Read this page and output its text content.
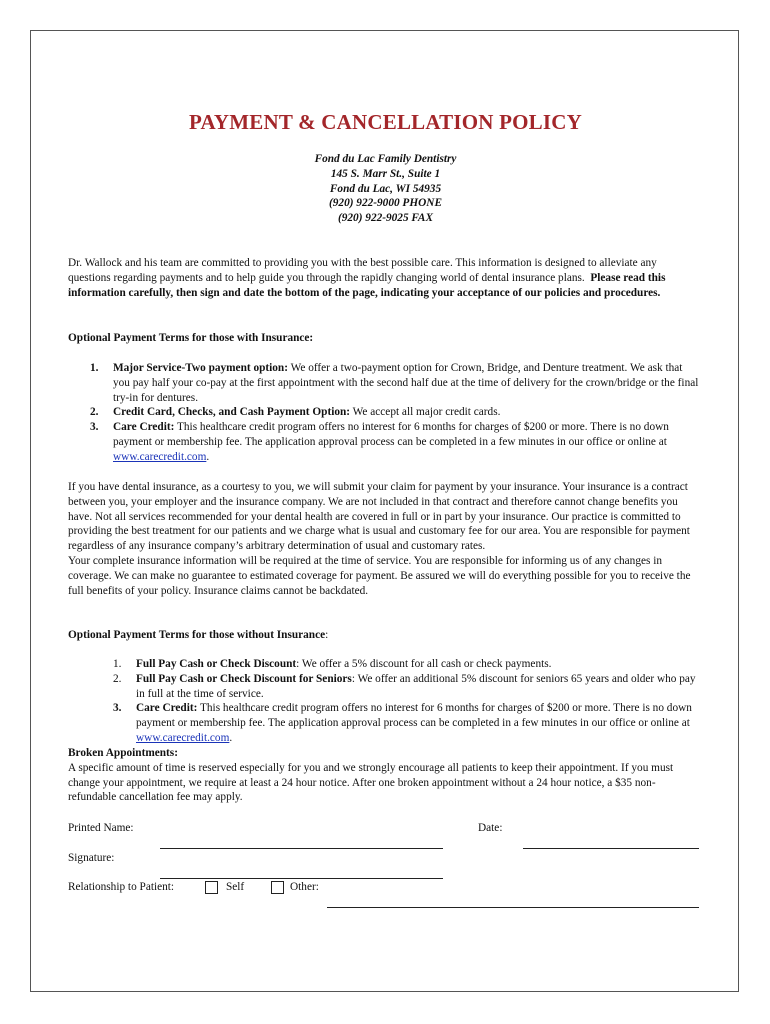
PAYMENT & CANCELLATION POLICY
Fond du Lac Family Dentistry
145 S. Marr St., Suite 1
Fond du Lac, WI 54935
(920) 922-9000 PHONE
(920) 922-9025 FAX

Dr. Wallock and his team are committed to providing you with the best possible care. This information is designed to alleviate any questions regarding payments and to help guide you through the rapidly changing world of dental insurance plans. Please read this information carefully, then sign and date the bottom of the page, indicating your acceptance of our policies and procedures.

Optional Payment Terms for those with Insurance:
1. Major Service-Two payment option: We offer a two-payment option for Crown, Bridge, and Denture treatment. We ask that you pay half your co-pay at the first appointment with the second half due at the time of delivery for the crown/bridge or the final try-in for dentures.
2. Credit Card, Checks, and Cash Payment Option: We accept all major credit cards.
3. Care Credit: This healthcare credit program offers no interest for 6 months for charges of $200 or more. There is no down payment or membership fee. The application approval process can be completed in a few minutes in our office or online at www.carecredit.com.

If you have dental insurance, as a courtesy to you, we will submit your claim for payment by your insurance. Your insurance is a contract between you, your employer and the insurance company. We are not included in that contract and therefore cannot change benefits you have. Not all services recommended for your dental health are covered in full or in part by your insurance. Our practice is committed to providing the best treatment for our patients and we charge what is usual and customary fee for our area. You are responsible for payment regardless of any insurance company’s arbitrary determination of usual and customary rates.
Your complete insurance information will be required at the time of service. You are responsible for informing us of any changes in coverage. We can make no guarantee to estimated coverage for payment. Be assured we will do everything possible for you to receive the full benefits of your policy. Insurance claims cannot be backdated.

Optional Payment Terms for those without Insurance:
1. Full Pay Cash or Check Discount: We offer a 5% discount for all cash or check payments.
2. Full Pay Cash or Check Discount for Seniors: We offer an additional 5% discount for seniors 65 years and older who pay in full at the time of service.
3. Care Credit: This healthcare credit program offers no interest for 6 months for charges of $200 or more. There is no down payment or membership fee. The application approval process can be completed in a few minutes in our office or online at www.carecredit.com.
Broken Appointments:
A specific amount of time is reserved especially for you and we strongly encourage all patients to keep their appointment. If you must change your appointment, we require at least a 24 hour notice. After one broken appointment without a 24 hour notice, a $35 non-refundable cancellation fee may apply.
Printed Name:	Date:
Signature:
Relationship to Patient:	Self	Other:
